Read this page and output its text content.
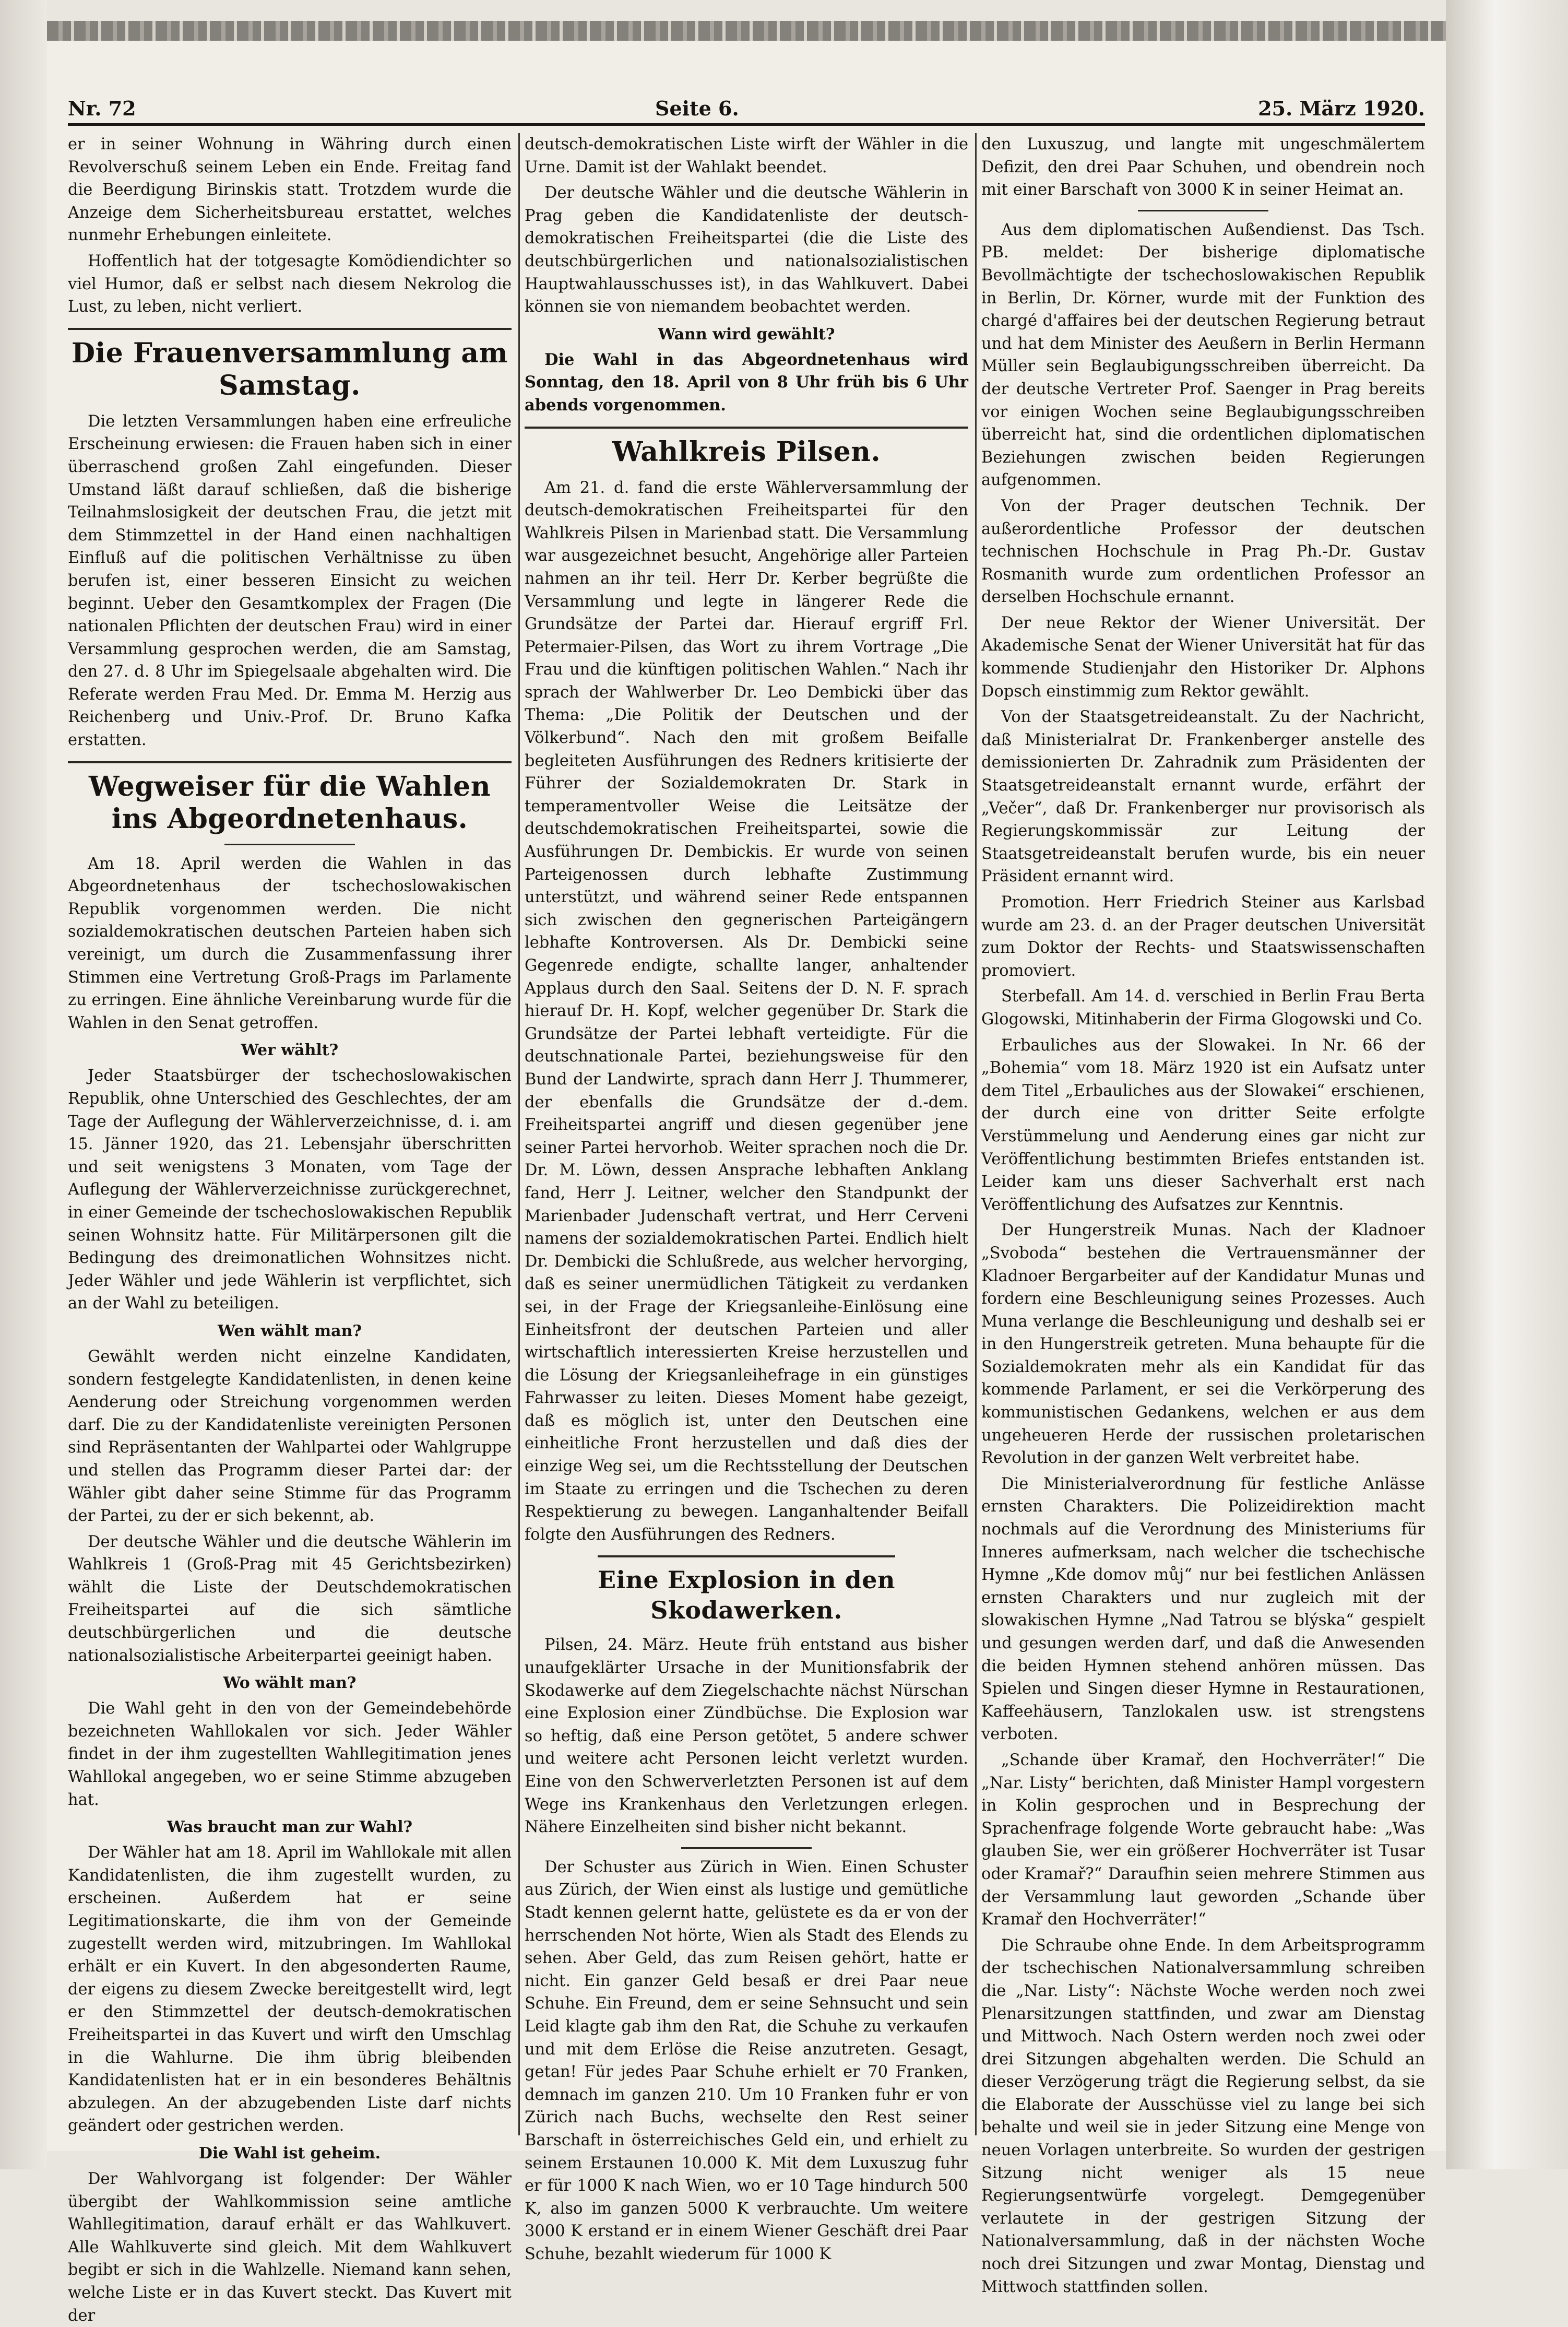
Nr. 72	Seite 6.	25. März 1920.

er in seiner Wohnung in Währing durch einen Revolverschuß seinem Leben ein Ende. Freitag fand die Beerdigung Birinskis statt. Trotzdem wurde die Anzeige dem Sicherheitsbureau erstattet, welches nunmehr Erhebungen einleitete.

Hoffentlich hat der totgesagte Komödiendichter so viel Humor, daß er selbst nach diesem Nekrolog die Lust, zu leben, nicht verliert.

Die Frauenversammlung am Samstag.

Die letzten Versammlungen haben eine erfreuliche Erscheinung erwiesen: die Frauen haben sich in einer überraschend großen Zahl eingefunden. Dieser Umstand läßt darauf schließen, daß die bisherige Teilnahmslosigkeit der deutschen Frau, die jetzt mit dem Stimmzettel in der Hand einen nachhaltigen Einfluß auf die politischen Verhältnisse zu üben berufen ist, einer besseren Einsicht zu weichen beginnt. Ueber den Gesamtkomplex der Fragen (Die nationalen Pflichten der deutschen Frau) wird in einer Versammlung gesprochen werden, die am Samstag, den 27. d. 8 Uhr im Spiegelsaale abgehalten wird. Die Referate werden Frau Med. Dr. Emma M. Herzig aus Reichenberg und Univ.-Prof. Dr. Bruno Kafka erstatten.

Wegweiser für die Wahlen ins Abgeordnetenhaus.

Am 18. April werden die Wahlen in das Abgeordnetenhaus der tschechoslowakischen Republik vorgenommen werden. Die nicht sozialdemokratischen deutschen Parteien haben sich vereinigt, um durch die Zusammenfassung ihrer Stimmen eine Vertretung Groß-Prags im Parlamente zu erringen. Eine ähnliche Vereinbarung wurde für die Wahlen in den Senat getroffen.

Wer wählt?

Jeder Staatsbürger der tschechoslowakischen Republik, ohne Unterschied des Geschlechtes, der am Tage der Auflegung der Wählerverzeichnisse, d. i. am 15. Jänner 1920, das 21. Lebensjahr überschritten und seit wenigstens 3 Monaten, vom Tage der Auflegung der Wählerverzeichnisse zurückgerechnet, in einer Gemeinde der tschechoslowakischen Republik seinen Wohnsitz hatte. Für Militärpersonen gilt die Bedingung des dreimonatlichen Wohnsitzes nicht. Jeder Wähler und jede Wählerin ist verpflichtet, sich an der Wahl zu beteiligen.

Wen wählt man?

Gewählt werden nicht einzelne Kandidaten, sondern festgelegte Kandidatenlisten, in denen keine Aenderung oder Streichung vorgenommen werden darf. Die zu der Kandidatenliste vereinigten Personen sind Repräsentanten der Wahlpartei oder Wahlgruppe und stellen das Programm dieser Partei dar: der Wähler gibt daher seine Stimme für das Programm der Partei, zu der er sich bekennt, ab.

Der deutsche Wähler und die deutsche Wählerin im Wahlkreis 1 (Groß-Prag mit 45 Gerichtsbezirken) wählt die Liste der Deutschdemokratischen Freiheitspartei auf die sich sämtliche deutschbürgerlichen und die deutsche nationalsozialistische Arbeiterpartei geeinigt haben.

Wo wählt man?

Die Wahl geht in den von der Gemeindebehörde bezeichneten Wahllokalen vor sich. Jeder Wähler findet in der ihm zugestellten Wahllegitimation jenes Wahllokal angegeben, wo er seine Stimme abzugeben hat.

Was braucht man zur Wahl?

Der Wähler hat am 18. April im Wahllokale mit allen Kandidatenlisten, die ihm zugestellt wurden, zu erscheinen. Außerdem hat er seine Legitimationskarte, die ihm von der Gemeinde zugestellt werden wird, mitzubringen. Im Wahllokal erhält er ein Kuvert. In den abgesonderten Raume, der eigens zu diesem Zwecke bereitgestellt wird, legt er den Stimmzettel der deutsch-demokratischen Freiheitspartei in das Kuvert und wirft den Umschlag in die Wahlurne. Die ihm übrig bleibenden Kandidatenlisten hat er in ein besonderes Behältnis abzulegen. An der abzugebenden Liste darf nichts geändert oder gestrichen werden.

Die Wahl ist geheim.

Der Wahlvorgang ist folgender: Der Wähler übergibt der Wahlkommission seine amtliche Wahllegitimation, darauf erhält er das Wahlkuvert. Alle Wahlkuverte sind gleich. Mit dem Wahlkuvert begibt er sich in die Wahlzelle. Niemand kann sehen, welche Liste er in das Kuvert steckt. Das Kuvert mit der

deutsch-demokratischen Liste wirft der Wähler in die Urne. Damit ist der Wahlakt beendet.

Der deutsche Wähler und die deutsche Wählerin in Prag geben die Kandidatenliste der deutsch-demokratischen Freiheitspartei (die die Liste des deutschbürgerlichen und nationalsozialistischen Hauptwahlausschusses ist), in das Wahlkuvert. Dabei können sie von niemandem beobachtet werden.

Wann wird gewählt?

Die Wahl in das Abgeordnetenhaus wird Sonntag, den 18. April von 8 Uhr früh bis 6 Uhr abends vorgenommen.

Wahlkreis Pilsen.

Am 21. d. fand die erste Wählerversammlung der deutsch-demokratischen Freiheitspartei für den Wahlkreis Pilsen in Marienbad statt. Die Versammlung war ausgezeichnet besucht, Angehörige aller Parteien nahmen an ihr teil. Herr Dr. Kerber begrüßte die Versammlung und legte in längerer Rede die Grundsätze der Partei dar. Hierauf ergriff Frl. Petermaier-Pilsen, das Wort zu ihrem Vortrage „Die Frau und die künftigen politischen Wahlen.“ Nach ihr sprach der Wahlwerber Dr. Leo Dembicki über das Thema: „Die Politik der Deutschen und der Völkerbund“. Nach den mit großem Beifalle begleiteten Ausführungen des Redners kritisierte der Führer der Sozialdemokraten Dr. Stark in temperamentvoller Weise die Leitsätze der deutschdemokratischen Freiheitspartei, sowie die Ausführungen Dr. Dembickis. Er wurde von seinen Parteigenossen durch lebhafte Zustimmung unterstützt, und während seiner Rede entspannen sich zwischen den gegnerischen Parteigängern lebhafte Kontroversen. Als Dr. Dembicki seine Gegenrede endigte, schallte langer, anhaltender Applaus durch den Saal. Seitens der D. N. F. sprach hierauf Dr. H. Kopf, welcher gegenüber Dr. Stark die Grundsätze der Partei lebhaft verteidigte. Für die deutschnationale Partei, beziehungsweise für den Bund der Landwirte, sprach dann Herr J. Thummerer, der ebenfalls die Grundsätze der d.-dem. Freiheitspartei angriff und diesen gegenüber jene seiner Partei hervorhob. Weiter sprachen noch die Dr. Dr. M. Löwn, dessen Ansprache lebhaften Anklang fand, Herr J. Leitner, welcher den Standpunkt der Marienbader Judenschaft vertrat, und Herr Cerveni namens der sozialdemokratischen Partei. Endlich hielt Dr. Dembicki die Schlußrede, aus welcher hervorging, daß es seiner unermüdlichen Tätigkeit zu verdanken sei, in der Frage der Kriegsanleihe-Einlösung eine Einheitsfront der deutschen Parteien und aller wirtschaftlich interessierten Kreise herzustellen und die Lösung der Kriegsanleihefrage in ein günstiges Fahrwasser zu leiten. Dieses Moment habe gezeigt, daß es möglich ist, unter den Deutschen eine einheitliche Front herzustellen und daß dies der einzige Weg sei, um die Rechtsstellung der Deutschen im Staate zu erringen und die Tschechen zu deren Respektierung zu bewegen. Langanhaltender Beifall folgte den Ausführungen des Redners.

Eine Explosion in den Skodawerken.

Pilsen, 24. März. Heute früh entstand aus bisher unaufgeklärter Ursache in der Munitionsfabrik der Skodawerke auf dem Ziegelschachte nächst Nürschan eine Explosion einer Zündbüchse. Die Explosion war so heftig, daß eine Person getötet, 5 andere schwer und weitere acht Personen leicht verletzt wurden. Eine von den Schwerverletzten Personen ist auf dem Wege ins Krankenhaus den Verletzungen erlegen. Nähere Einzelheiten sind bisher nicht bekannt.

Der Schuster aus Zürich in Wien. Einen Schuster aus Zürich, der Wien einst als lustige und gemütliche Stadt kennen gelernt hatte, gelüstete es da er von der herrschenden Not hörte, Wien als Stadt des Elends zu sehen. Aber Geld, das zum Reisen gehört, hatte er nicht. Ein ganzer Geld besaß er drei Paar neue Schuhe. Ein Freund, dem er seine Sehnsucht und sein Leid klagte gab ihm den Rat, die Schuhe zu verkaufen und mit dem Erlöse die Reise anzutreten. Gesagt, getan! Für jedes Paar Schuhe erhielt er 70 Franken, demnach im ganzen 210. Um 10 Franken fuhr er von Zürich nach Buchs, wechselte den Rest seiner Barschaft in österreichisches Geld ein, und erhielt zu seinem Erstaunen 10.000 K. Mit dem Luxuszug fuhr er für 1000 K nach Wien, wo er 10 Tage hindurch 500 K, also im ganzen 5000 K verbrauchte. Um weitere 3000 K erstand er in einem Wiener Geschäft drei Paar Schuhe, bezahlt wiederum für 1000 K

den Luxuszug, und langte mit ungeschmälertem Defizit, den drei Paar Schuhen, und obendrein noch mit einer Barschaft von 3000 K in seiner Heimat an.

Aus dem diplomatischen Außendienst. Das Tsch. PB. meldet: Der bisherige diplomatische Bevollmächtigte der tschechoslowakischen Republik in Berlin, Dr. Körner, wurde mit der Funktion des chargé d'affaires bei der deutschen Regierung betraut und hat dem Minister des Aeußern in Berlin Hermann Müller sein Beglaubigungsschreiben überreicht. Da der deutsche Vertreter Prof. Saenger in Prag bereits vor einigen Wochen seine Beglaubigungsschreiben überreicht hat, sind die ordentlichen diplomatischen Beziehungen zwischen beiden Regierungen aufgenommen.

Von der Prager deutschen Technik. Der außerordentliche Professor der deutschen technischen Hochschule in Prag Ph.-Dr. Gustav Rosmanith wurde zum ordentlichen Professor an derselben Hochschule ernannt.

Der neue Rektor der Wiener Universität. Der Akademische Senat der Wiener Universität hat für das kommende Studienjahr den Historiker Dr. Alphons Dopsch einstimmig zum Rektor gewählt.

Von der Staatsgetreideanstalt. Zu der Nachricht, daß Ministerialrat Dr. Frankenberger anstelle des demissionierten Dr. Zahradnik zum Präsidenten der Staatsgetreideanstalt ernannt wurde, erfährt der „Večer“, daß Dr. Frankenberger nur provisorisch als Regierungskommissär zur Leitung der Staatsgetreideanstalt berufen wurde, bis ein neuer Präsident ernannt wird.

Promotion. Herr Friedrich Steiner aus Karlsbad wurde am 23. d. an der Prager deutschen Universität zum Doktor der Rechts- und Staatswissenschaften promoviert.

Sterbefall. Am 14. d. verschied in Berlin Frau Berta Glogowski, Mitinhaberin der Firma Glogowski und Co.

Erbauliches aus der Slowakei. In Nr. 66 der „Bohemia“ vom 18. März 1920 ist ein Aufsatz unter dem Titel „Erbauliches aus der Slowakei“ erschienen, der durch eine von dritter Seite erfolgte Verstümmelung und Aenderung eines gar nicht zur Veröffentlichung bestimmten Briefes entstanden ist. Leider kam uns dieser Sachverhalt erst nach Veröffentlichung des Aufsatzes zur Kenntnis.

Der Hungerstreik Munas. Nach der Kladnoer „Svoboda“ bestehen die Vertrauensmänner der Kladnoer Bergarbeiter auf der Kandidatur Munas und fordern eine Beschleunigung seines Prozesses. Auch Muna verlange die Beschleunigung und deshalb sei er in den Hungerstreik getreten. Muna behaupte für die Sozialdemokraten mehr als ein Kandidat für das kommende Parlament, er sei die Verkörperung des kommunistischen Gedankens, welchen er aus dem ungeheueren Herde der russischen proletarischen Revolution in der ganzen Welt verbreitet habe.

Die Ministerialverordnung für festliche Anlässe ernsten Charakters. Die Polizeidirektion macht nochmals auf die Verordnung des Ministeriums für Inneres aufmerksam, nach welcher die tschechische Hymne „Kde domov můj“ nur bei festlichen Anlässen ernsten Charakters und nur zugleich mit der slowakischen Hymne „Nad Tatrou se blýska“ gespielt und gesungen werden darf, und daß die Anwesenden die beiden Hymnen stehend anhören müssen. Das Spielen und Singen dieser Hymne in Restaurationen, Kaffeehäusern, Tanzlokalen usw. ist strengstens verboten.

„Schande über Kramař, den Hochverräter!“ Die „Nar. Listy“ berichten, daß Minister Hampl vorgestern in Kolin gesprochen und in Besprechung der Sprachenfrage folgende Worte gebraucht habe: „Was glauben Sie, wer ein größerer Hochverräter ist Tusar oder Kramař?“ Daraufhin seien mehrere Stimmen aus der Versammlung laut geworden „Schande über Kramař den Hochverräter!“

Die Schraube ohne Ende. In dem Arbeitsprogramm der tschechischen Nationalversammlung schreiben die „Nar. Listy“: Nächste Woche werden noch zwei Plenarsitzungen stattfinden, und zwar am Dienstag und Mittwoch. Nach Ostern werden noch zwei oder drei Sitzungen abgehalten werden. Die Schuld an dieser Verzögerung trägt die Regierung selbst, da sie die Elaborate der Ausschüsse viel zu lange bei sich behalte und weil sie in jeder Sitzung eine Menge von neuen Vorlagen unterbreite. So wurden der gestrigen Sitzung nicht weniger als 15 neue Regierungsentwürfe vorgelegt. Demgegenüber verlautete in der gestrigen Sitzung der Nationalversammlung, daß in der nächsten Woche noch drei Sitzungen und zwar Montag, Dienstag und Mittwoch stattfinden sollen.
